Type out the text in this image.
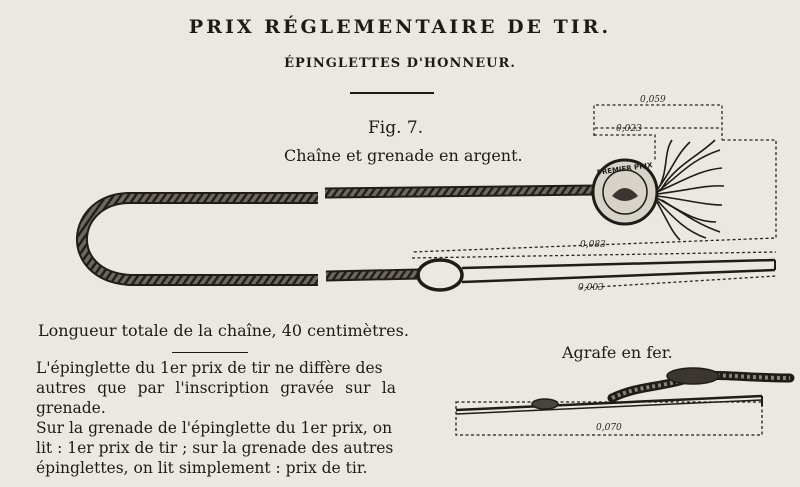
PRIX RÉGLEMENTAIRE DE TIR.
ÉPINGLETTES D'HONNEUR.
Fig. 7.
Chaîne et grenade en argent.
PREMIER PRIX
0,059
0,023
0,083
0,003
0,070
Longueur totale de la chaîne, 40 centimètres.

L'épinglette du 1er prix de tir ne diffère des

autres que par l'inscription gravée sur la grenade.

Sur la grenade de l'épinglette du 1er prix, on

lit : 1er prix de tir ; sur la grenade des autres

épinglettes, on lit simplement : prix de tir.

Agrafe en fer.
